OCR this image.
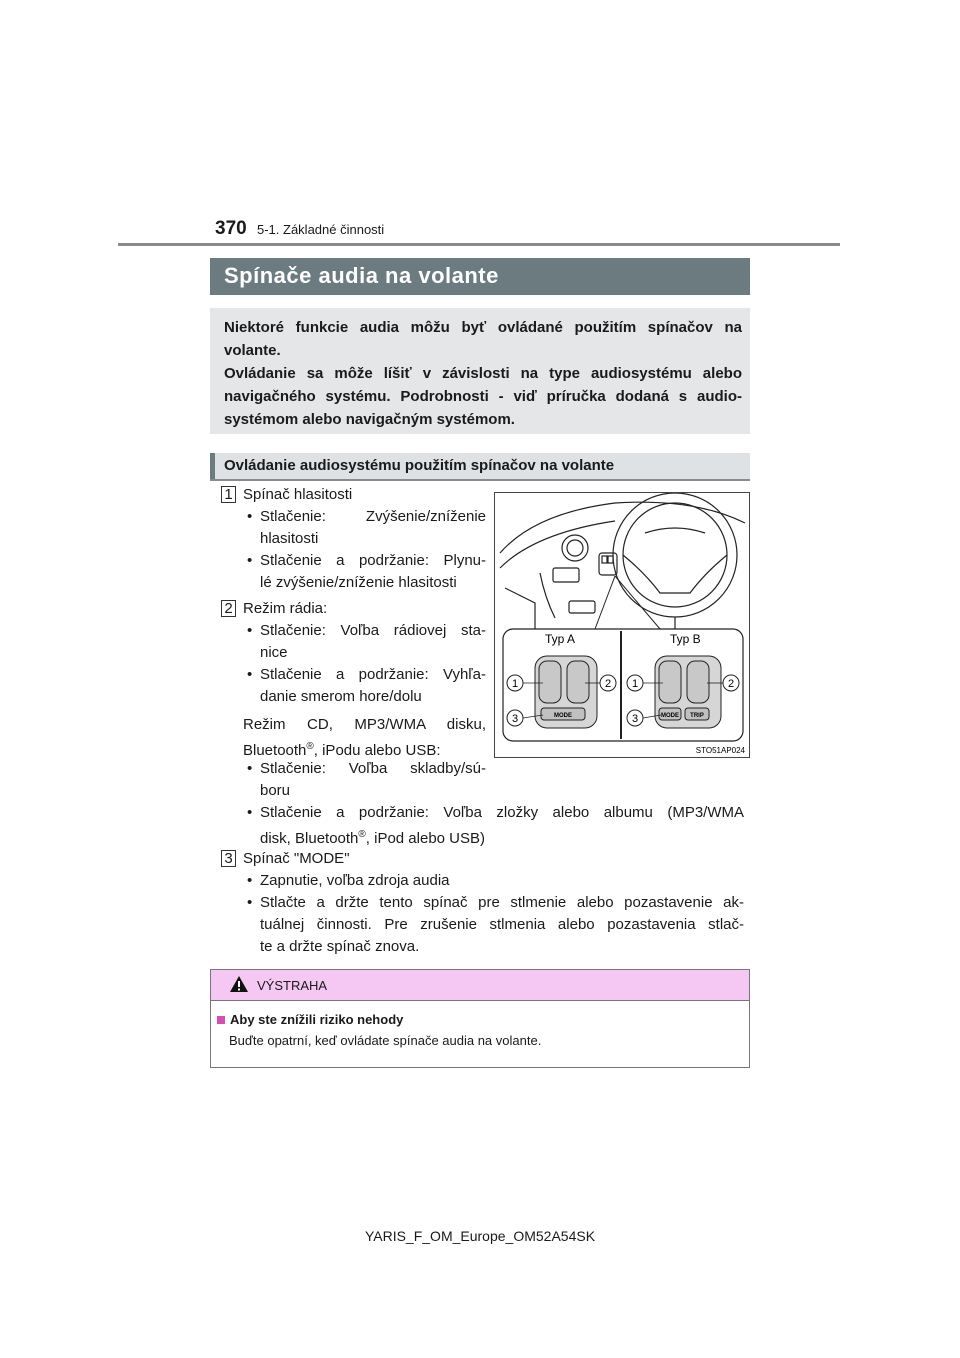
370 5-1. Základné činnosti
Spínače audia na volante

Niektoré funkcie audia môžu byť ovládané použitím spínačov na volante.

Ovládanie sa môže líšiť v závislosti na type audiosystému alebo navigačného systému. Podrobnosti - viď príručka dodaná s audio-systémom alebo navigačným systémom.

Ovládanie audiosystému použitím spínačov na volante
1 Spínač hlasitosti
• Stlačenie: Zvýšenie/zníženie
hlasitosti
• Stlačenie a podržanie: Plynu-
lé zvýšenie/zníženie hlasitosti
2 Režim rádia:
• Stlačenie: Voľba rádiovej sta-
nice
• Stlačenie a podržanie: Vyhľa-
danie smerom hore/dolu
Režim CD, MP3/WMA disku,
Bluetooth®, iPodu alebo USB:
• Stlačenie: Voľba skladby/sú-
boru
• Stlačenie a podržanie: Voľba zložky alebo albumu (MP3/WMA
disk, Bluetooth®, iPod alebo USB)
3 Spínač "MODE"
• Zapnutie, voľba zdroja audia
• Stlačte a držte tento spínač pre stlmenie alebo pozastavenie ak-
tuálnej činnosti. Pre zrušenie stlmenia alebo pozastavenia stlač-
te a držte spínač znova.
Typ A	Typ B
MODE	MODE TRIP
1	2
3
1	2
3
STO51AP024
VÝSTRAHA
Aby ste znížili riziko nehody
Buďte opatrní, keď ovládate spínače audia na volante.
YARIS_F_OM_Europe_OM52A54SK
